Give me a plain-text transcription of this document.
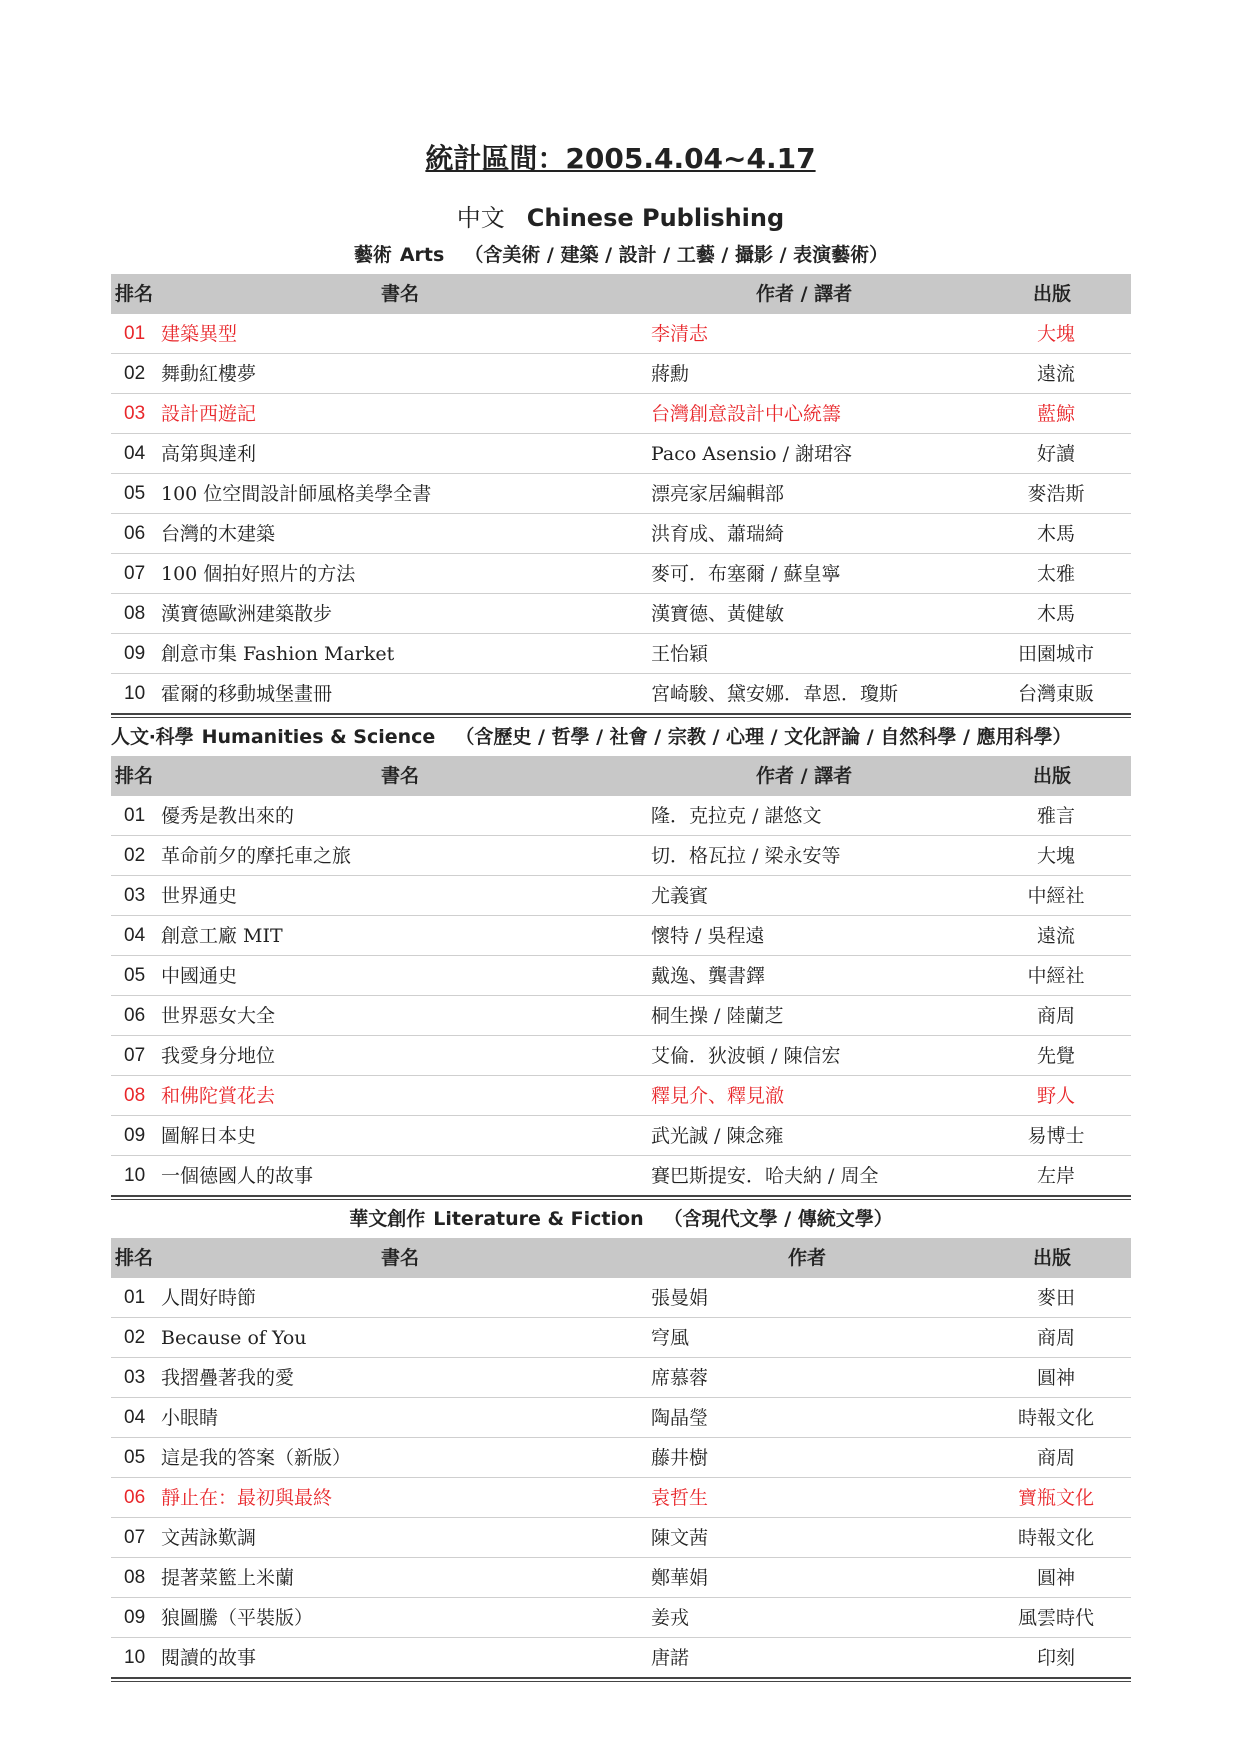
統計區間：2005.4.04~4.17
中文 Chinese Publishing
藝術 Arts （含美術 / 建築 / 設計 / 工藝 / 攝影 / 表演藝術）
排名	書名	作者 / 譯者	出版
01 建築異型	李清志	大塊
02 舞動紅樓夢	蔣勳	遠流
03 設計西遊記	台灣創意設計中心統籌	藍鯨
04 高第與達利	Paco Asensio / 謝珺容	好讀
05 100 位空間設計師風格美學全書	漂亮家居編輯部	麥浩斯
06 台灣的木建築	洪育成、蕭瑞綺	木馬
07 100 個拍好照片的方法	麥可．布塞爾 / 蘇皇寧	太雅
08 漢寶德歐洲建築散步	漢寶德、黃健敏	木馬
09 創意市集 Fashion Market	王怡穎	田園城市
10 霍爾的移動城堡畫冊	宮崎駿、黛安娜．韋恩．瓊斯	台灣東販
人文‧科學 Humanities & Science （含歷史 / 哲學 / 社會 / 宗教 / 心理 / 文化評論 / 自然科學 / 應用科學）
排名	書名	作者 / 譯者	出版
01 優秀是教出來的	隆．克拉克 / 諶悠文	雅言
02 革命前夕的摩托車之旅	切．格瓦拉 / 梁永安等	大塊
03 世界通史	尤義賓	中經社
04 創意工廠 MIT	懷特 / 吳程遠	遠流
05 中國通史	戴逸、龔書鐸	中經社
06 世界惡女大全	桐生操 / 陸蘭芝	商周
07 我愛身分地位	艾倫．狄波頓 / 陳信宏	先覺
08 和佛陀賞花去	釋見介、釋見澈	野人
09 圖解日本史	武光誠 / 陳念雍	易博士
10 一個德國人的故事	賽巴斯提安．哈夫納 / 周全	左岸
華文創作 Literature & Fiction （含現代文學 / 傳統文學）
排名	書名	作者	出版
01 人間好時節	張曼娟	麥田
02 Because of You	穹風	商周
03 我摺疊著我的愛	席慕蓉	圓神
04 小眼睛	陶晶瑩	時報文化
05 這是我的答案（新版）	藤井樹	商周
06 靜止在：最初與最終	袁哲生	寶瓶文化
07 文茜詠歎調	陳文茜	時報文化
08 提著菜籃上米蘭	鄭華娟	圓神
09 狼圖騰（平裝版）	姜戎	風雲時代
10 閱讀的故事	唐諾	印刻
